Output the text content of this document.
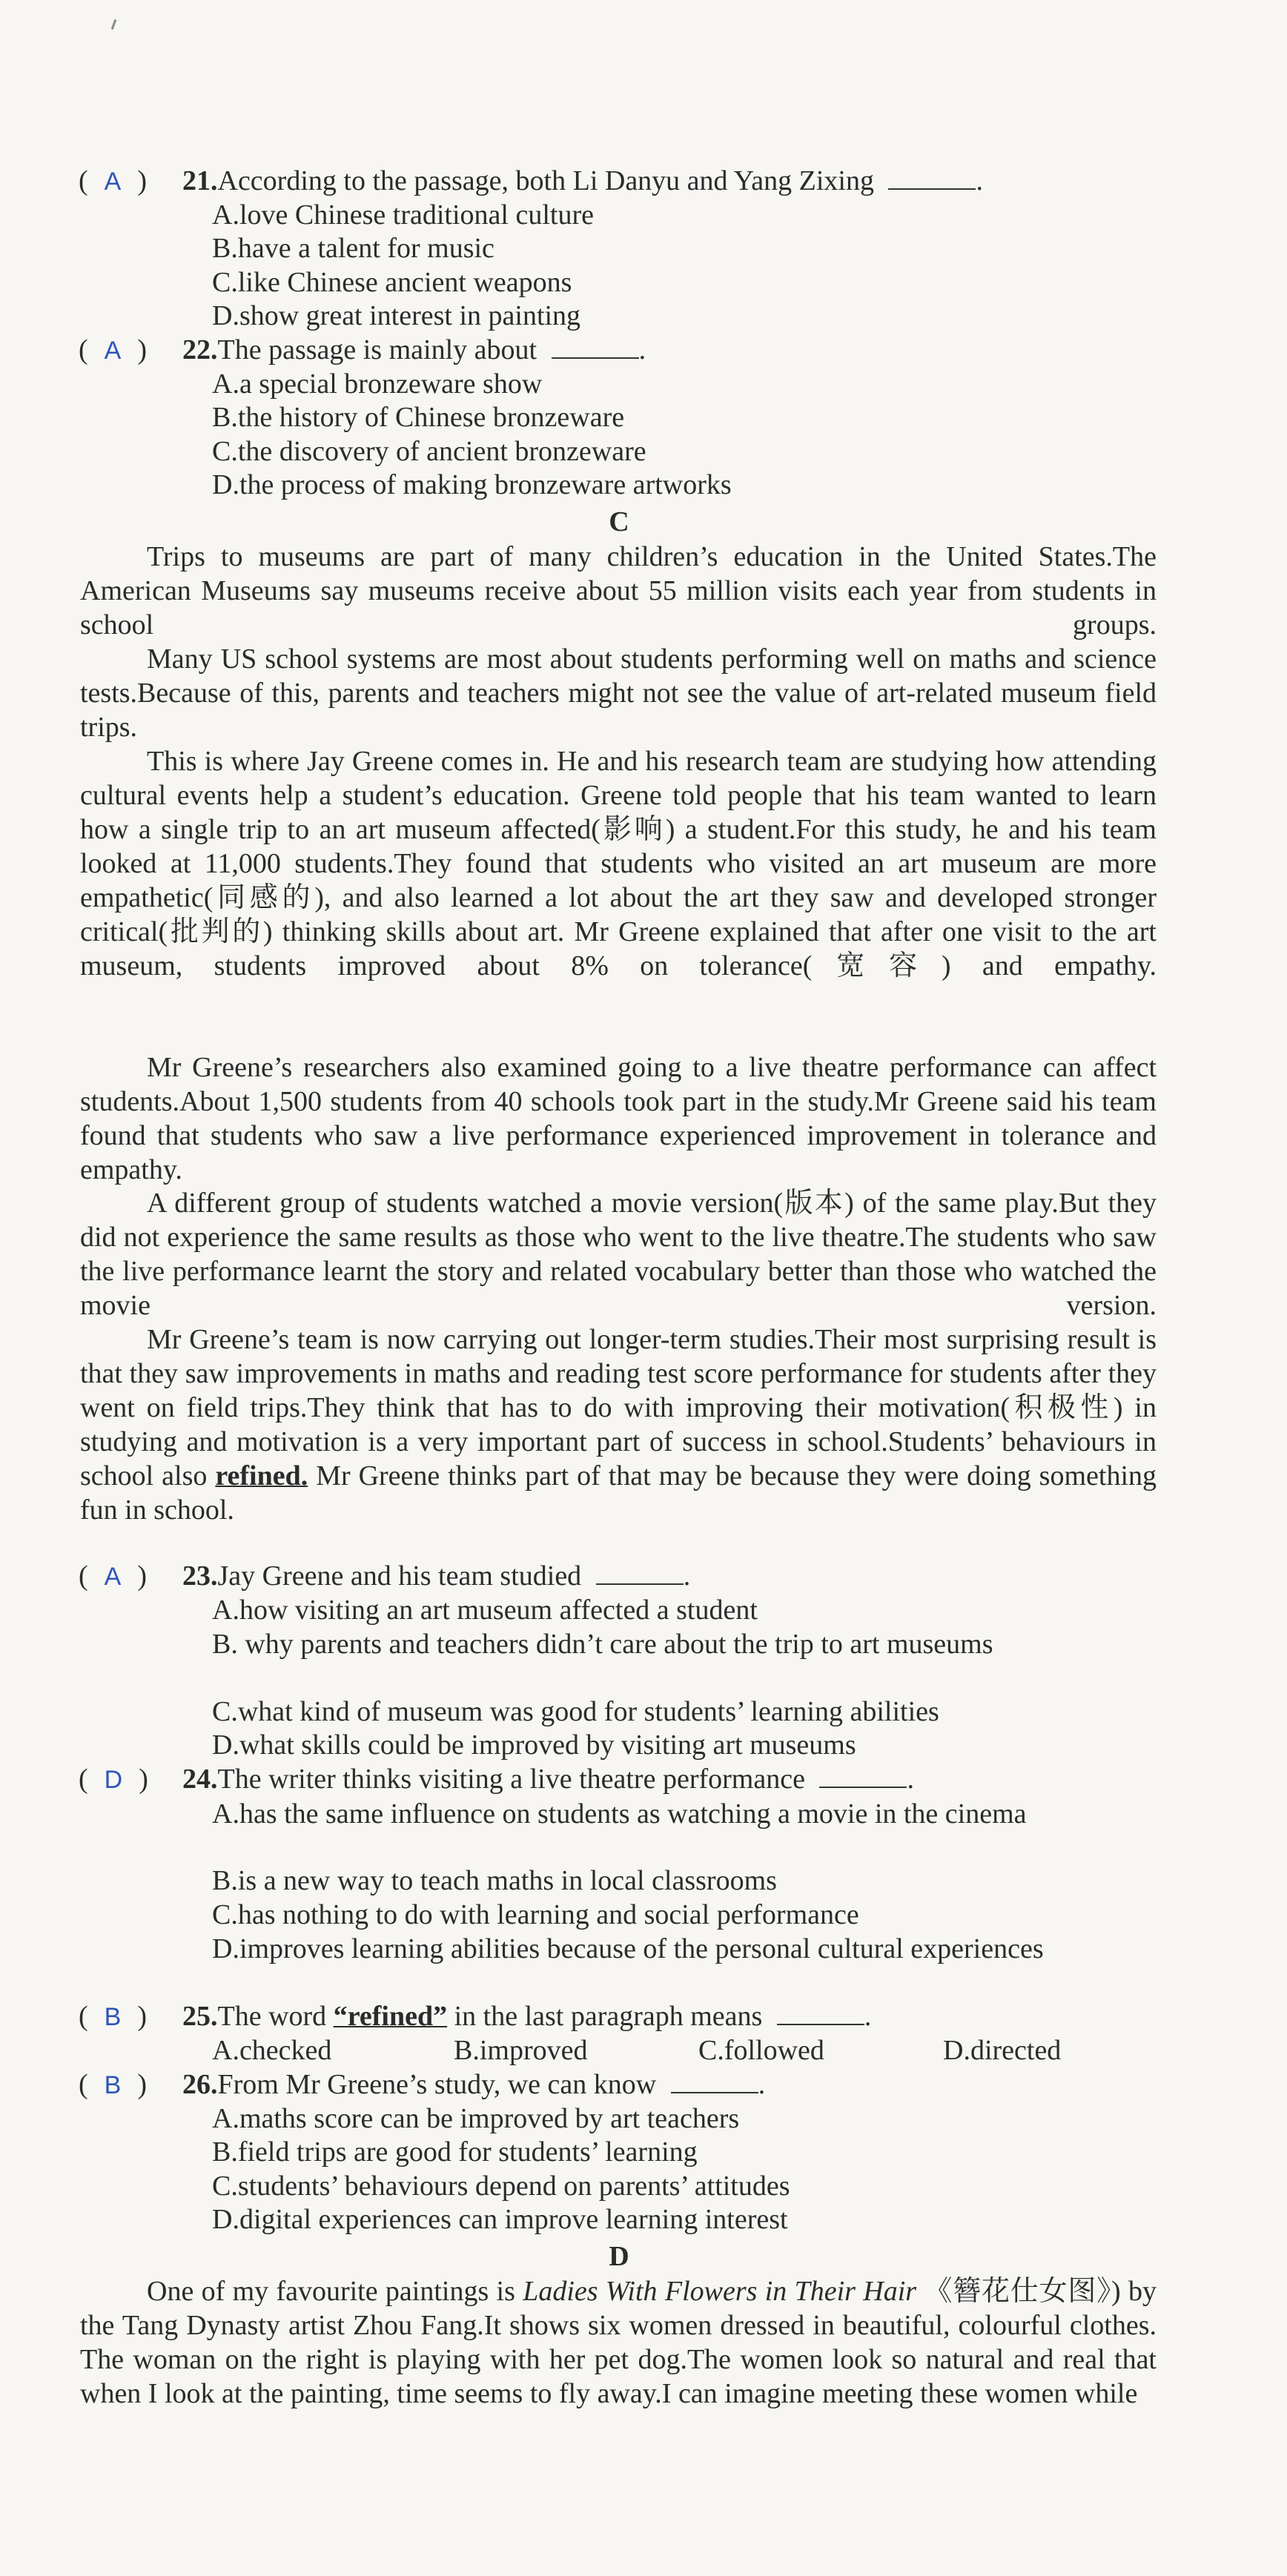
( A ) 21.According to the passage, both Li Danyu and Yang Zixing	.
A.love Chinese traditional culture
B.have a talent for music
C.like Chinese ancient weapons
D.show great interest in painting
( A ) 22.The passage is mainly about	.
A.a special bronzeware show
B.the history of Chinese bronzeware
C.the discovery of ancient bronzeware
D.the process of making bronzeware artworks
C
Trips to museums are part of many children’s education in the United States.The American Museums say museums receive about 55 million visits each year from students in school groups.
Many US school systems are most about students performing well on maths and science tests.Because of this, parents and teachers might not see the value of art-related museum field trips.
This is where Jay Greene comes in. He and his research team are studying how attending cultural events help a student’s education. Greene told people that his team wanted to learn how a single trip to an art museum affected(影响) a student.For this study, he and his team looked at 11,000 students.They found that students who visited an art museum are more empathetic(同感的), and also learned a lot about the art they saw and developed stronger critical(批判的) thinking skills about art. Mr Greene explained that after one visit to the art museum, students improved about 8% on tolerance(宽容) and empathy.
Mr Greene’s researchers also examined going to a live theatre performance can affect students.About 1,500 students from 40 schools took part in the study.Mr Greene said his team found that students who saw a live performance experienced improvement in tolerance and empathy.
A different group of students watched a movie version(版本) of the same play.But they did not experience the same results as those who went to the live theatre.The students who saw the live performance learnt the story and related vocabulary better than those who watched the movie version.
Mr Greene’s team is now carrying out longer-term studies.Their most surprising result is that they saw improvements in maths and reading test score performance for students after they went on field trips.They think that has to do with improving their motivation(积极性) in studying and motivation is a very important part of success in school.Students’ behaviours in school also refined. Mr Greene thinks part of that may be because they were doing something fun in school.
( A ) 23.Jay Greene and his team studied	.
A.how visiting an art museum affected a student
B. why parents and teachers didn’t care about the trip to art museums
C.what kind of museum was good for students’ learning abilities
D.what skills could be improved by visiting art museums
( D ) 24.The writer thinks visiting a live theatre performance	.
A.has the same influence on students as watching a movie in the cinema
B.is a new way to teach maths in local classrooms
C.has nothing to do with learning and social performance
D.improves learning abilities because of the personal cultural experiences
( B ) 25.The word “refined” in the last paragraph means	.
A.checked	B.improved	C.followed	D.directed
( B ) 26.From Mr Greene’s study, we can know	.
A.maths score can be improved by art teachers
B.field trips are good for students’ learning
C.students’ behaviours depend on parents’ attitudes
D.digital experiences can improve learning interest
D
One of my favourite paintings is Ladies With Flowers in Their Hair 《簪花仕女图》) by the Tang Dynasty artist Zhou Fang.It shows six women dressed in beautiful, colourful clothes. The woman on the right is playing with her pet dog.The women look so natural and real that when I look at the painting, time seems to fly away.I can imagine meeting these women while
